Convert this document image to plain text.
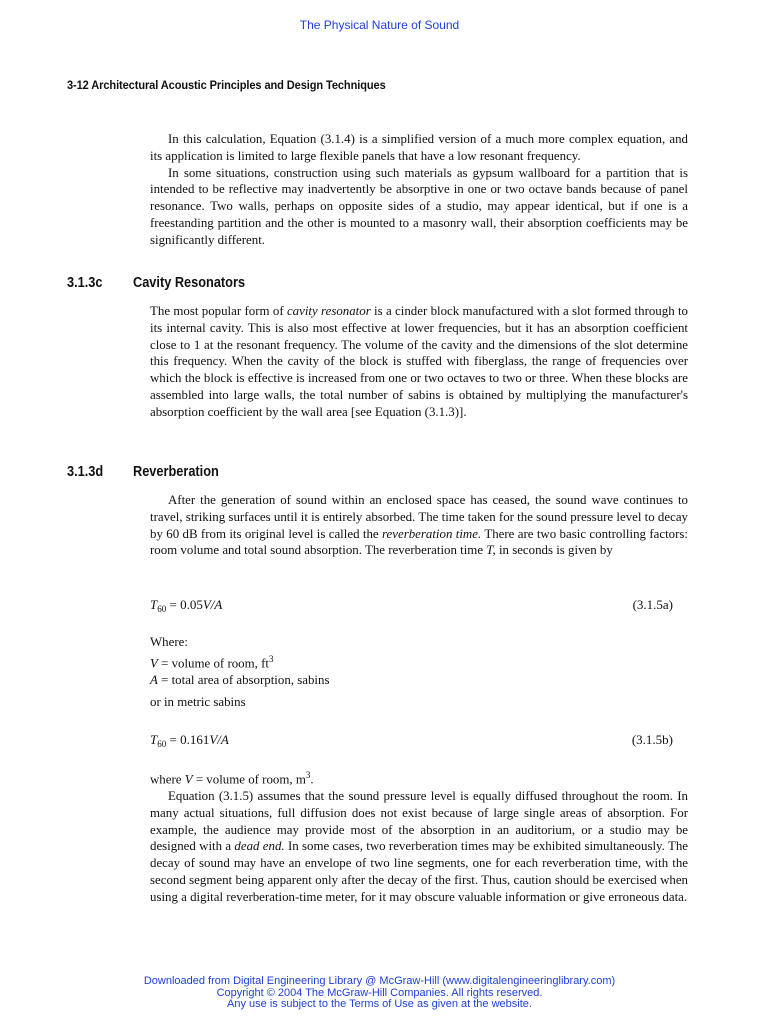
The Physical Nature of Sound
3-12 Architectural Acoustic Principles and Design Techniques

In this calculation, Equation (3.1.4) is a simplified version of a much more complex equation, and its application is limited to large flexible panels that have a low resonant frequency.

In some situations, construction using such materials as gypsum wallboard for a partition that is intended to be reflective may inadvertently be absorptive in one or two octave bands because of panel resonance. Two walls, perhaps on opposite sides of a studio, may appear identical, but if one is a freestanding partition and the other is mounted to a masonry wall, their absorption coefficients may be significantly different.

3.1.3c Cavity Resonators

The most popular form of cavity resonator is a cinder block manufactured with a slot formed through to its internal cavity. This is also most effective at lower frequencies, but it has an absorption coefficient close to 1 at the resonant frequency. The volume of the cavity and the dimensions of the slot determine this frequency. When the cavity of the block is stuffed with fiberglass, the range of frequencies over which the block is effective is increased from one or two octaves to two or three. When these blocks are assembled into large walls, the total number of sabins is obtained by multiplying the manufacturer's absorption coefficient by the wall area [see Equation (3.1.3)].

3.1.3d Reverberation

After the generation of sound within an enclosed space has ceased, the sound wave continues to travel, striking surfaces until it is entirely absorbed. The time taken for the sound pressure level to decay by 60 dB from its original level is called the reverberation time. There are two basic controlling factors: room volume and total sound absorption. The reverberation time T, in seconds is given by

$T_{60} = 0.05V/A$	(3.1.5a)
Where:
V = volume of room, $ft^3$
A = total area of absorption, sabins
or in metric sabins
$T_{60} = 0.161V/A$	(3.1.5b)

where V = volume of room, $m^3$.

Equation (3.1.5) assumes that the sound pressure level is equally diffused throughout the room. In many actual situations, full diffusion does not exist because of large single areas of absorption. For example, the audience may provide most of the absorption in an auditorium, or a studio may be designed with a dead end. In some cases, two reverberation times may be exhibited simultaneously. The decay of sound may have an envelope of two line segments, one for each reverberation time, with the second segment being apparent only after the decay of the first. Thus, caution should be exercised when using a digital reverberation-time meter, for it may obscure valuable information or give erroneous data.

Downloaded from Digital Engineering Library @ McGraw-Hill (www.digitalengineeringlibrary.com)
Copyright © 2004 The McGraw-Hill Companies. All rights reserved.
Any use is subject to the Terms of Use as given at the website.
